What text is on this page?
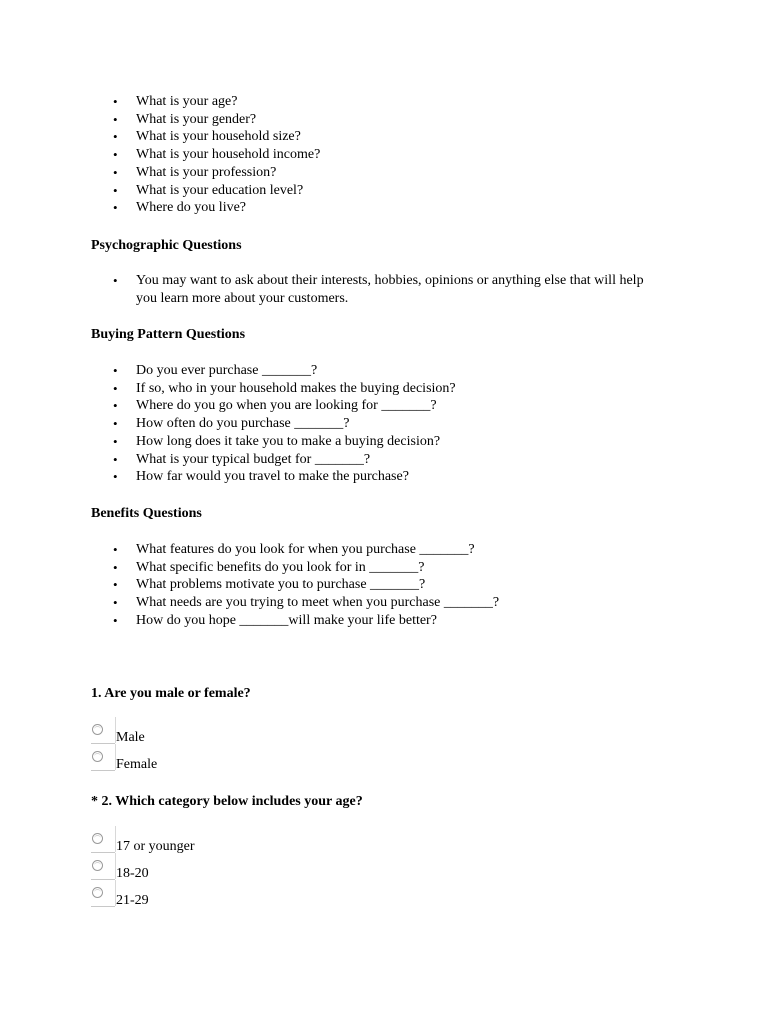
• What is your age?
• What is your gender?
• What is your household size?
• What is your household income?
• What is your profession?
• What is your education level?
• Where do you live?

Psychographic Questions

• You may want to ask about their interests, hobbies, opinions or anything else that will help you learn more about your customers.

Buying Pattern Questions

• Do you ever purchase _______?
• If so, who in your household makes the buying decision?
• Where do you go when you are looking for _______?
• How often do you purchase _______?
• How long does it take you to make a buying decision?
• What is your typical budget for _______?
• How far would you travel to make the purchase?

Benefits Questions

• What features do you look for when you purchase _______?
• What specific benefits do you look for in _______?
• What problems motivate you to purchase _______?
• What needs are you trying to meet when you purchase _______?
• How do you hope _______will make your life better?

1. Are you male or female?

Male
Female

* 2. Which category below includes your age?

17 or younger
18-20
21-29
